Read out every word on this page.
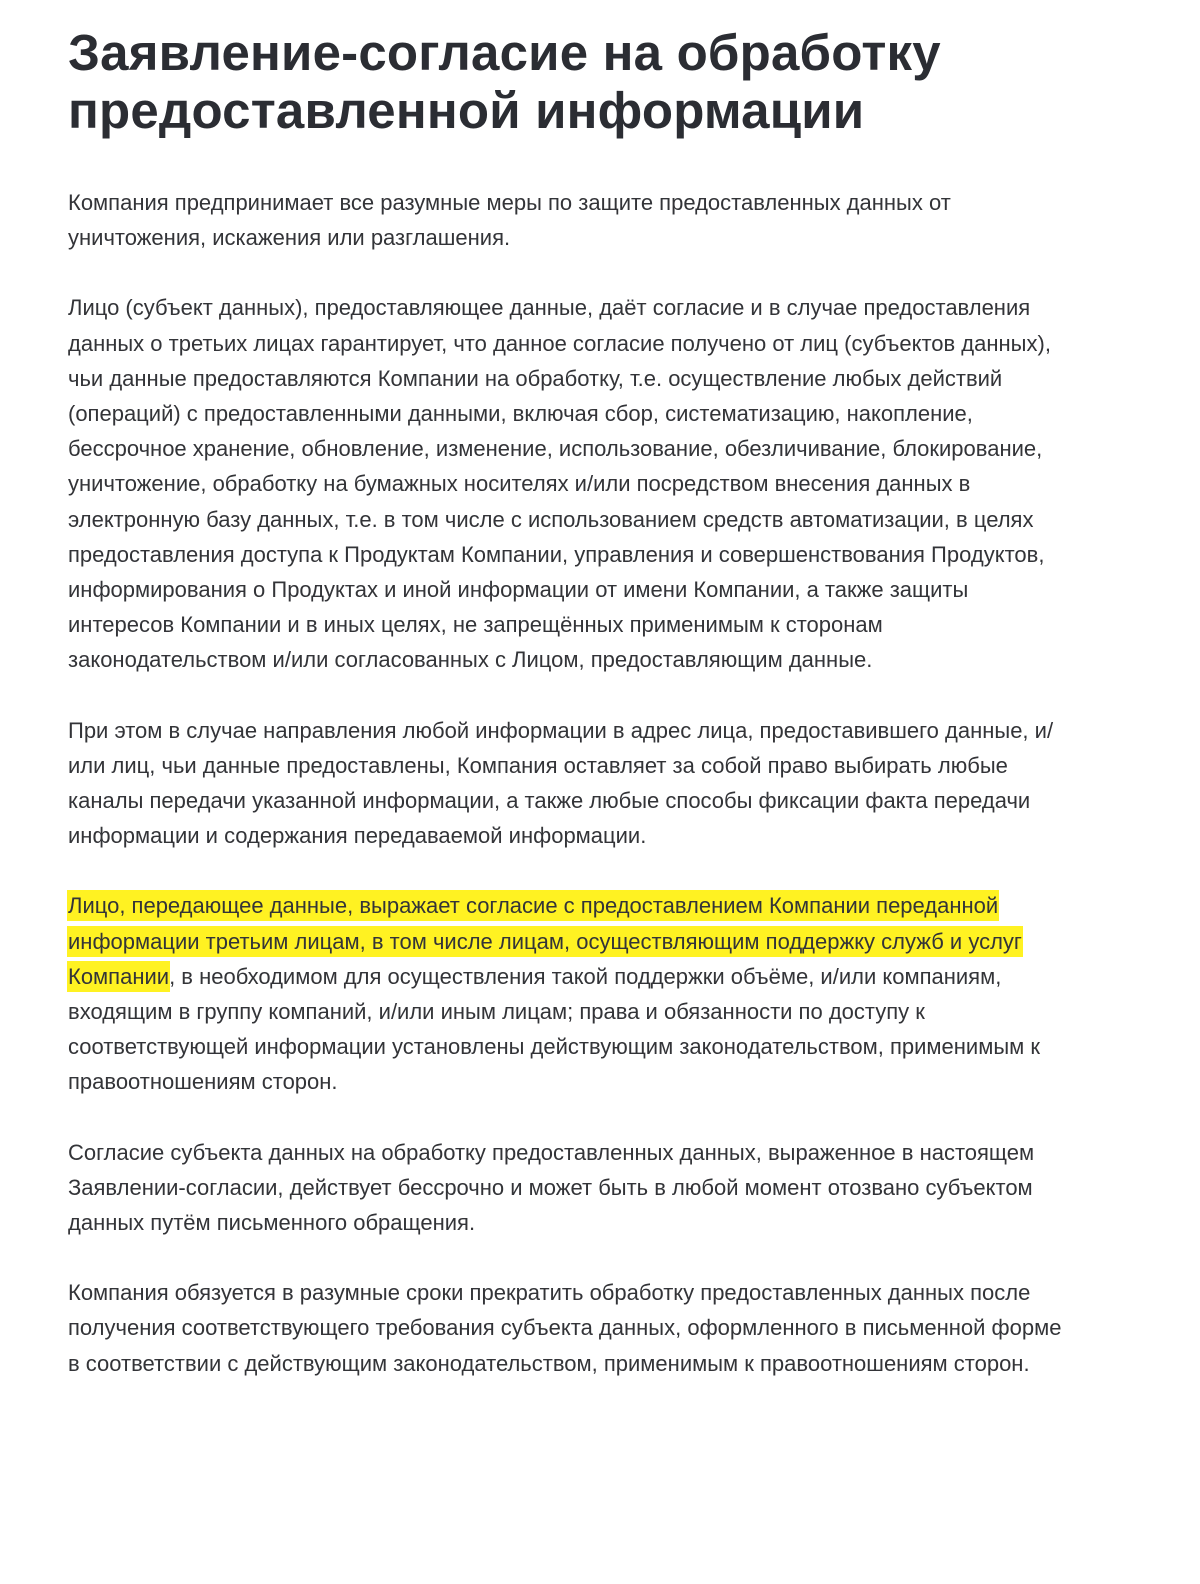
Заявление-согласие на обработку предоставленной информации

Компания предпринимает все разумные меры по защите предоставленных данных от уничтожения, искажения или разглашения.

Лицо (субъект данных), предоставляющее данные, даёт согласие и в случае предоставления данных о третьих лицах гарантирует, что данное согласие получено от лиц (субъектов данных), чьи данные предоставляются Компании на обработку, т.е. осуществление любых действий (операций) с предоставленными данными, включая сбор, систематизацию, накопление, бессрочное хранение, обновление, изменение, использование, обезличивание, блокирование, уничтожение, обработку на бумажных носителях и/или посредством внесения данных в электронную базу данных, т.е. в том числе с использованием средств автоматизации, в целях предоставления доступа к Продуктам Компании, управления и совершенствования Продуктов, информирования о Продуктах и иной информации от имени Компании, а также защиты интересов Компании и в иных целях, не запрещённых применимым к сторонам законодательством и/или согласованных с Лицом, предоставляющим данные.

При этом в случае направления любой информации в адрес лица, предоставившего данные, и/или лиц, чьи данные предоставлены, Компания оставляет за собой право выбирать любые каналы передачи указанной информации, а также любые способы фиксации факта передачи информации и содержания передаваемой информации.

Лицо, передающее данные, выражает согласие с предоставлением Компании переданной информации третьим лицам, в том числе лицам, осуществляющим поддержку служб и услуг Компании, в необходимом для осуществления такой поддержки объёме, и/или компаниям, входящим в группу компаний, и/или иным лицам; права и обязанности по доступу к соответствующей информации установлены действующим законодательством, применимым к правоотношениям сторон.

Согласие субъекта данных на обработку предоставленных данных, выраженное в настоящем Заявлении-согласии, действует бессрочно и может быть в любой момент отозвано субъектом данных путём письменного обращения.

Компания обязуется в разумные сроки прекратить обработку предоставленных данных после получения соответствующего требования субъекта данных, оформленного в письменной форме в соответствии с действующим законодательством, применимым к правоотношениям сторон.
